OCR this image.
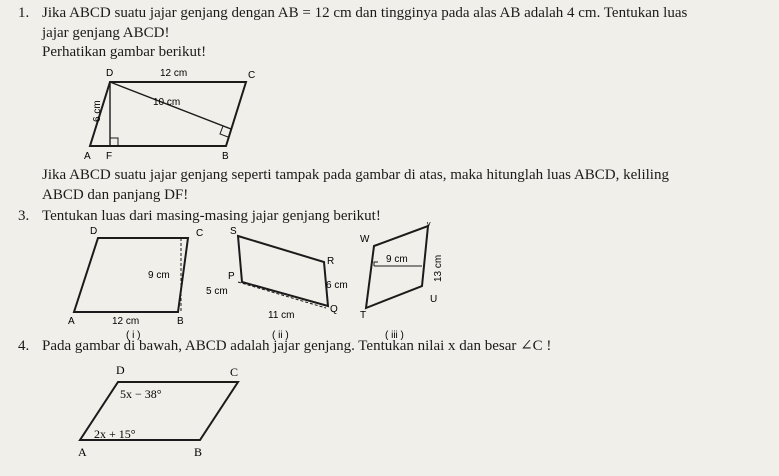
1. Jika ABCD suatu jajar genjang dengan AB = 12 cm dan tingginya pada alas AB adalah 4 cm. Tentukan luas
jajar genjang ABCD!
Perhatikan gambar berikut!
D	C
A F	B
12 cm
10 cm
6 cm
Jika ABCD suatu jajar genjang seperti tampak pada gambar di atas, maka hitunglah luas ABCD, keliling
ABCD dan panjang DF!
3. Tentukan luas dari masing-masing jajar genjang berikut!
D	C
A	B
9 cm
12 cm
( i )
S
R
P
Q
5 cm
6 cm
11 cm
( ii )
W
V
T
U
9 cm	13 cm
( iii )
4. Pada gambar di bawah, ABCD adalah jajar genjang. Tentukan nilai x dan besar ∠C !
D	C
A	B
5x − 38°
2x + 15°
